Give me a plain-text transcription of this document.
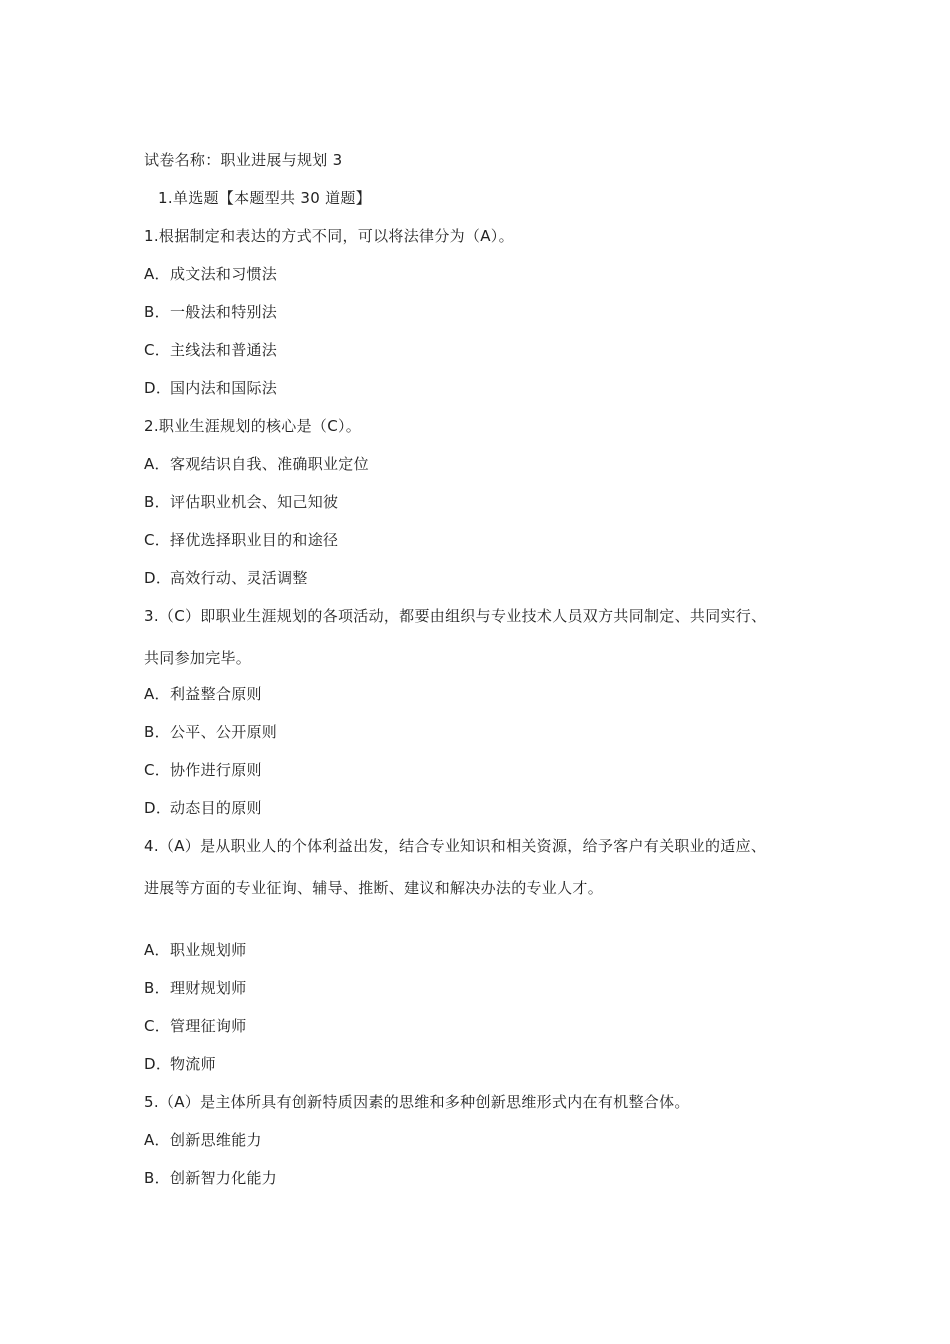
试卷名称：职业进展与规划 3
1.单选题【本题型共 30 道题】
1.根据制定和表达的方式不同，可以将法律分为（A）。
A．成文法和习惯法
B．一般法和特别法
C．主线法和普通法
D．国内法和国际法
2.职业生涯规划的核心是（C）。
A．客观结识自我、准确职业定位
B．评估职业机会、知己知彼
C．择优选择职业目的和途径
D．高效行动、灵活调整
3.（C）即职业生涯规划的各项活动，都要由组织与专业技术人员双方共同制定、共同实行、
共同参加完毕。
A．利益整合原则
B．公平、公开原则
C．协作进行原则
D．动态目的原则
4.（A）是从职业人的个体利益出发，结合专业知识和相关资源，给予客户有关职业的适应、
进展等方面的专业征询、辅导、推断、建议和解决办法的专业人才。
A．职业规划师
B．理财规划师
C．管理征询师
D．物流师
5.（A）是主体所具有创新特质因素的思维和多种创新思维形式内在有机整合体。
A．创新思维能力
B．创新智力化能力
